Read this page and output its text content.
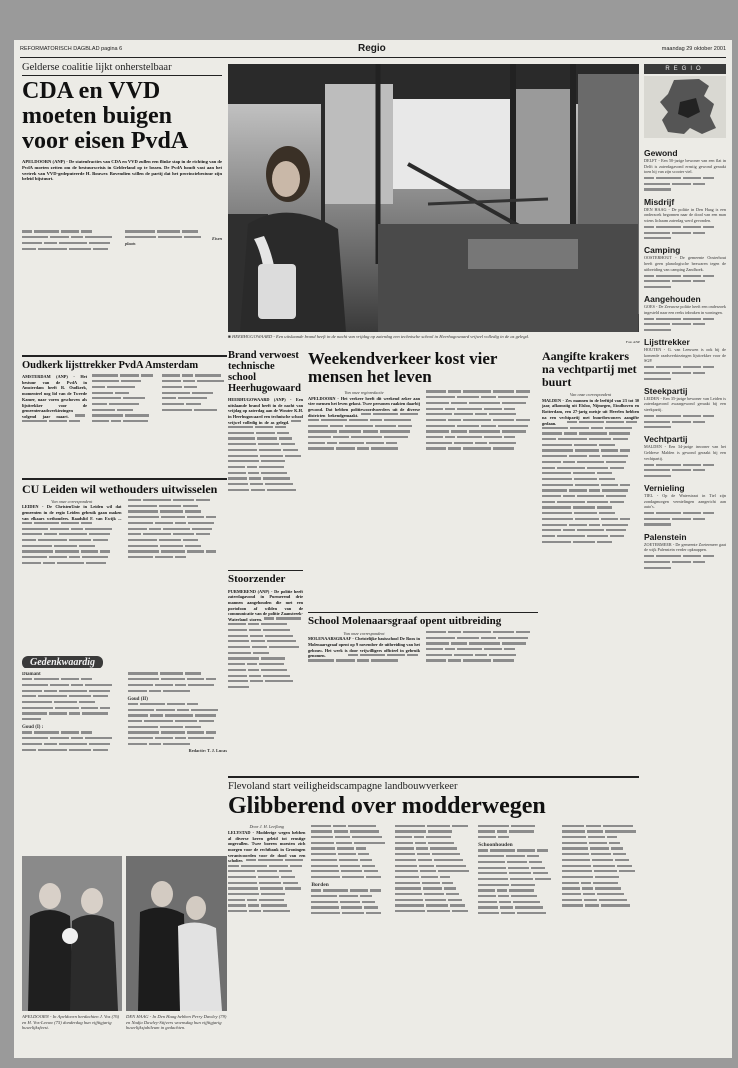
REFORMATORISCH DAGBLAD pagina 6	Regio	maandag 29 oktober 2001
Gelderse coalitie lijkt onherstelbaar
CDA en VVD moeten buigen voor eisen PvdA
APELDOORN (ANP) - De statenfracties van CDA en VVD zullen een flinke stap in de richting van de PvdA moeten zetten om de bestuurscrisis in Gelderland op te lossen. De PvdA houdt vast aan het vertrek van VVD-gedeputeerde H. Bouwer. Bovendien willen de partij dat het provinciebestuur zijn beleid bijstuurt.
Eisen plaats
■ HEERHUGOWAARD - Een uitslaande brand heeft in de nacht van vrijdag op zaterdag een technische school in Heerhugowaard vrijwel volledig in de as gelegd.
Foto ANP
REGIO
Gewond
DELFT - Een 50-jarige bewoner van een flat in Delft is zaterdagavond ernstig gewond geraakt toen hij van zijn scooter viel.
Misdrijf
DEN HAAG - De politie in Den Haag is een onderzoek begonnen naar de dood van een man wiens lichaam zaterdag werd gevonden.
Camping
OOSTERHOUT - De gemeente Oosterhout heeft geen planologische bezwaren tegen de uitbreiding van camping Zandhoek.
Aangehouden
GOES - De Zeeuwse politie heeft een onderzoek ingesteld naar een reeks inbraken in woningen.
Lijsttrekker
HOUTEN - G. van Leeuwen is ook bij de komende raadsverkiezingen lijsttrekker voor de SGP.
Steekpartij
LEIDEN - Een 35-jarige bewoner van Leiden is zaterdagavond zwaargewond geraakt bij een steekpartij.
Vechtpartij
MALDEN - Een 34-jarige inwoner van het Geldrese Malden is gewond geraakt bij een vechtpartij.
Vernieling
TIEL - Op de Waterstraat in Tiel zijn zondagmorgen vernielingen aangericht aan auto's.
Palenstein
ZOETERMEER - De gemeente Zoetermeer gaat de wijk Palenstein verder opknappen.
Oudkerk lijsttrekker PvdA Amsterdam
AMSTERDAM (ANP) - Het bestuur van de PvdA in Amsterdam heeft R. Oudkerk, momenteel nog lid van de Tweede Kamer, naar voren geschoven als lijsttrekker voor de gemeenteraadsverkiezingen volgend jaar maart.
CU Leiden wil wethouders uitwisselen
Van onze correspondent
LEIDEN - De ChristenUnie in Leiden wil dat gemeenten in de regio Leiden gebruik gaan maken van elkaars wethouders. Raadslid F. van Ewijk ...
Gedenkwaardig
Diamant
Goud (I) :
Goud (II)
Redactie: T. J. Lucas
APELDOORN - In Apeldoorn herdachten J. Vos (76) en H. Vos-Leeuw (75) donderdag hun vijftigjarig huwelijksfeest.
DEN HAAG - In Den Haag hebben Perry Dawley (79) en Nadja Dawley-Stijvers woensdag hun vijftigjarig huwelijksjubileum in gedachten.
Brand verwoest technische school Heerhugowaard
HEERHUGOWAARD (ANP) - Een uitslaande brand heeft in de nacht van vrijdag op zaterdag aan de Wouter K.H. in Heerhugowaard een technische school vrijwel volledig in de as gelegd.
Stoorzender
PURMEREND (ANP) - De politie heeft zaterdagavond in Purmerend drie mannen aangehouden die met een portofoon af wilden van de communicatie van de politie Zaanstreek-Waterland storen.
Weekendverkeer kost vier mensen het leven
Van onze regioredactie
APELDOORN - Het verkeer heeft dit weekend zeker aan vier mensen het leven gekost. Twee personen raakten daarbij gewond. Dat hebben politiewoordvoerders uit de diverse districten bekendgemaakt.
Aangifte krakers na vechtpartij met buurt
Van onze correspondent
MALDEN - Zes mannen in de leeftijd van 23 tot 30 jaar, afkomstig uit Elsloo, Nijmegen, Eindhoven en Rotterdam, een 27-jarig meisje uit Heerlen hebben na een vechtpartij met buurtbewoners aangifte gedaan.
School Molenaarsgraaf opent uitbreiding
Van onze correspondent
MOLENAARSGRAAF - Christelijke basisschool De Roos in Molenaarsgraaf opent op 9 november de uitbreiding van het gebouw. Het werk is door vrijwilligers officieel in gebruik genomen.
Flevoland start veiligheidscampagne landbouwverkeer
Glibberend over modderwegen
Door J. H. Leeflang
LELYSTAD - Modderige wegen hebben al diverse keren geleid tot ernstige ongevallen. Twee boeren moesten zich morgen voor de rechtbank in Groningen verantwoorden voor de dood van een scholier.
Borden
Schoonhouden
